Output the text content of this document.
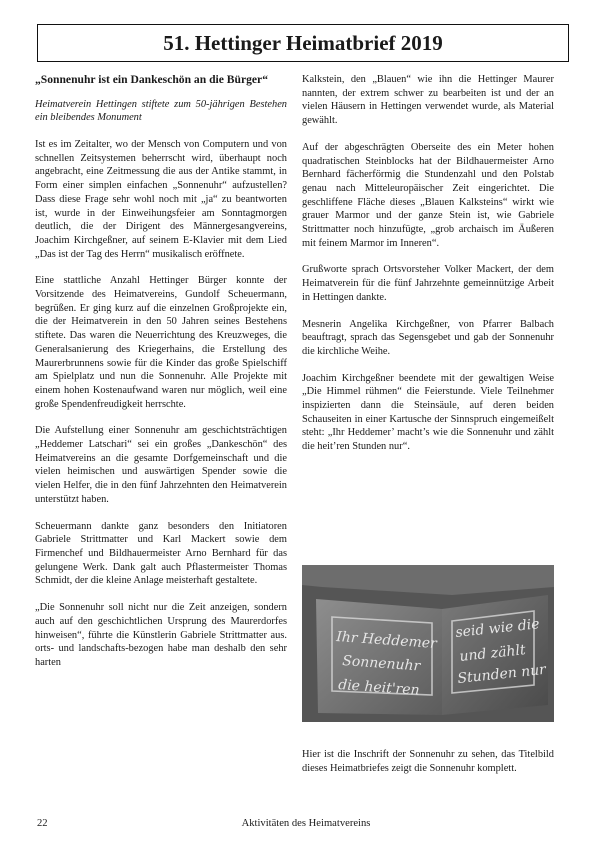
51. Hettinger Heimatbrief 2019

„Sonnenuhr ist ein Dankeschön an die Bürger“

Heimatverein Hettingen stiftete zum 50-jährigen Bestehen ein bleibendes Monument

Ist es im Zeitalter, wo der Mensch von Computern und von schnellen Zeitsystemen beherrscht wird, überhaupt noch angebracht, eine Zeitmessung die aus der Antike stammt, in Form einer simplen einfachen „Sonnenuhr“ aufzustellen? Dass diese Frage sehr wohl noch mit „ja“ zu beantworten ist, wurde in der Einweihungsfeier am Sonntagmorgen deutlich, die der Dirigent des Männergesangvereins, Joachim Kirchgeßner, auf seinem E-Klavier mit dem Lied „Das ist der Tag des Herrn“ musikalisch eröffnete.

Eine stattliche Anzahl Hettinger Bürger konnte der Vorsitzende des Heimatvereins, Gundolf Scheuermann, begrüßen. Er ging kurz auf die einzelnen Großprojekte ein, die der Heimatverein in den 50 Jahren seines Bestehens stiftete. Das waren die Neuerrichtung des Kreuzweges, die Generalsanierung des Kriegerhains, die Erstellung des Maurerbrunnens sowie für die Kinder das große Spielschiff am Spielplatz und nun die Sonnenuhr. Alle Projekte mit einem hohen Kostenaufwand waren nur möglich, weil eine große Spendenfreudigkeit herrschte.

Die Aufstellung einer Sonnenuhr am geschichtsträchtigen „Heddemer Latschari“ sei ein großes „Dankeschön“ des Heimatvereins an die gesamte Dorfgemeinschaft und die vielen heimischen und auswärtigen Spender sowie die vielen Helfer, die in den fünf Jahrzehnten den Heimatverein unterstützt haben.

Scheuermann dankte ganz besonders den Initiatoren Gabriele Strittmatter und Karl Mackert sowie dem Firmenchef und Bildhauermeister Arno Bernhard für das gelungene Werk. Dank galt auch Pflastermeister Thomas Schmidt, der die kleine Anlage meisterhaft gestaltete.

„Die Sonnenuhr soll nicht nur die Zeit anzeigen, sondern auch auf den geschichtlichen Ursprung des Maurerdorfes hinweisen“, führte die Künstlerin Gabriele Strittmatter aus. orts- und landschafts-bezogen habe man deshalb den sehr harten

Kalkstein, den „Blauen“ wie ihn die Hettinger Maurer nannten, der extrem schwer zu bearbeiten ist und der an vielen Häusern in Hettingen verwendet wurde, als Material gewählt.

Auf der abgeschrägten Oberseite des ein Meter hohen quadratischen Steinblocks hat der Bildhauermeister Arno Bernhard fächerförmig die Stundenzahl und den Polstab genau nach Mitteleuropäischer Zeit eingerichtet. Die geschliffene Fläche dieses „Blauen Kalksteins“ wirkt wie grauer Marmor und der ganze Stein ist, wie Gabriele Strittmatter noch hinzufügte, „grob archaisch im Äußeren mit feinem Marmor im Inneren“.

Grußworte sprach Ortsvorsteher Volker Mackert, der dem Heimatverein für die fünf Jahrzehnte gemeinnützige Arbeit in Hettingen dankte.

Mesnerin Angelika Kirchgeßner, von Pfarrer Balbach beauftragt, sprach das Segensgebet und gab der Sonnenuhr die kirchliche Weihe.

Joachim Kirchgeßner beendete mit der gewaltigen Weise „Die Himmel rühmen“ die Feierstunde. Viele Teilnehmer inspizierten dann die Steinsäule, auf deren beiden Schauseiten in einer Kartusche der Sinnspruch eingemeißelt steht: „Ihr Heddemer’ macht’s wie die Sonnenuhr und zählt die heit’ren Stunden nur“.

Ihr Heddemer
Sonnenuhr
die heit'ren
seid wie die
und zählt
Stunden nur

Hier ist die Inschrift der Sonnenuhr zu sehen, das Titelbild dieses Heimatbriefes zeigt die Sonnenuhr komplett.

22	Aktivitäten des Heimatvereins
